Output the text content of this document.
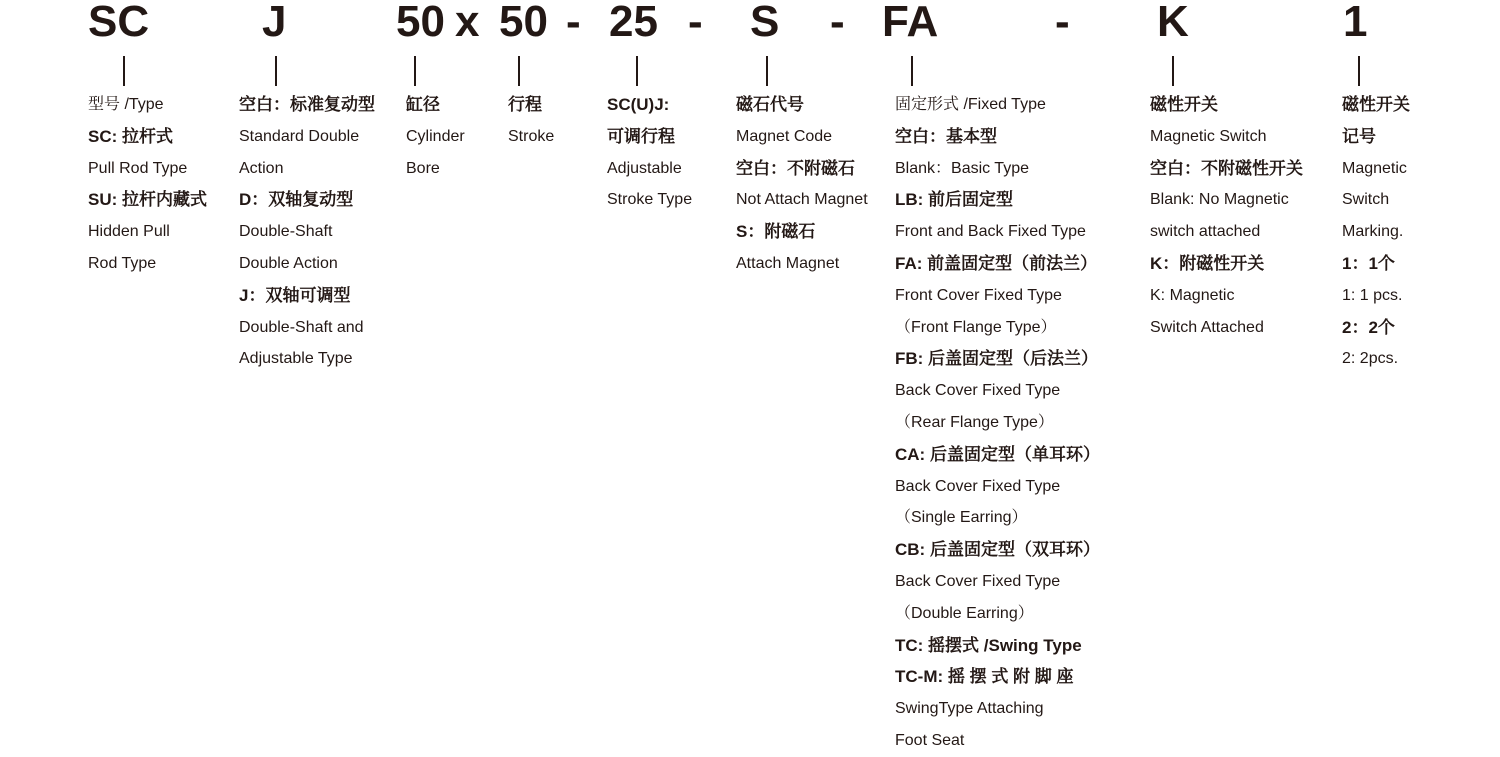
SC	J 50 x 50 - 25 - S - FA	- K	1
型号 /Type
SC: 拉杆式
Pull Rod Type
SU: 拉杆内藏式
Hidden Pull
Rod Type
空白：标准复动型
Standard Double
Action
D：双轴复动型
Double-Shaft
Double Action
J：双轴可调型
Double-Shaft and
Adjustable Type
缸径
Cylinder
Bore
行程
Stroke
SC(U)J:
可调行程
Adjustable
Stroke Type
磁石代号
Magnet Code
空白：不附磁石
Not Attach Magnet
S：附磁石
Attach Magnet
固定形式 /Fixed Type
空白：基本型
Blank：Basic Type
LB: 前后固定型
Front and Back Fixed Type
FA: 前盖固定型（前法兰）
Front Cover Fixed Type
（Front Flange Type）
FB: 后盖固定型（后法兰）
Back Cover Fixed Type
（Rear Flange Type）
CA: 后盖固定型（单耳环）
Back Cover Fixed Type
（Single Earring）
CB: 后盖固定型（双耳环）
Back Cover Fixed Type
（Double Earring）
TC: 摇摆式 /Swing Type
TC-M: 摇 摆 式 附 脚 座
SwingType Attaching
Foot Seat
磁性开关
Magnetic Switch
空白：不附磁性开关
Blank: No Magnetic
switch attached
K：附磁性开关
K: Magnetic
Switch Attached
磁性开关
记号
Magnetic
Switch
Marking.
1：1个
1: 1 pcs.
2：2个
2: 2pcs.
